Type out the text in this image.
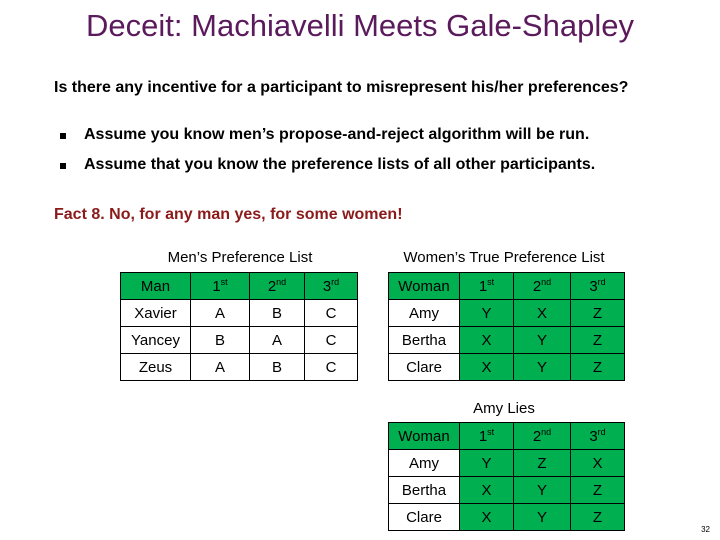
Deceit: Machiavelli Meets Gale-Shapley
Is there any incentive for a participant to misrepresent his/her preferences?
Assume you know men’s propose-and-reject algorithm will be run.
Assume that you know the preference lists of all other participants.
Fact 8. No, for any man yes, for some women!
Men’s Preference List
Man	1st	2nd	3rd
Xavier	A	B	C
Yancey	B	A	C
Zeus	A	B	C
Women’s True Preference List
Woman	1st	2nd	3rd
Amy	Y	X	Z
Bertha	X	Y	Z
Clare	X	Y	Z
Amy Lies
Woman	1st	2nd	3rd
Amy	Y	Z	X
Bertha	X	Y	Z
Clare	X	Y	Z
32
